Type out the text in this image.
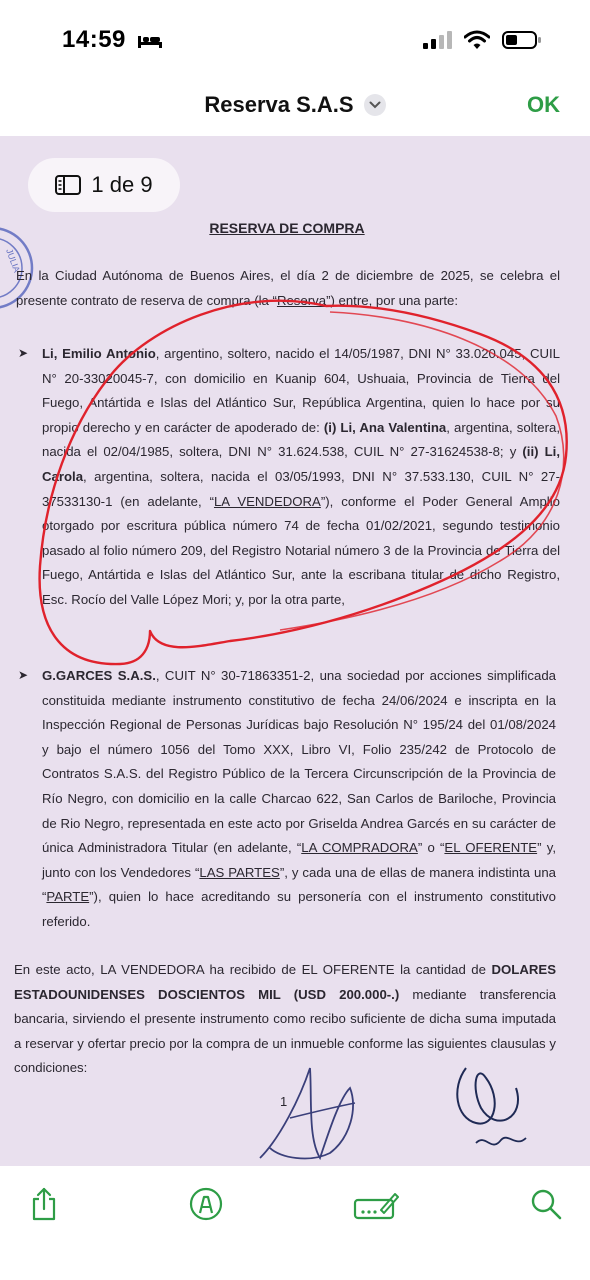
14:59
Reserva S.A.S	OK
JULIA
RESERVA DE COMPRA
En la Ciudad Autónoma de Buenos Aires, el día 2 de diciembre de 2025, se celebra el presente contrato de reserva de compra (la “Reserva”) entre, por una parte:
➤ Li, Emilio Antonio, argentino, soltero, nacido el 14/05/1987, DNI N° 33.020.045, CUIL N° 20-33020045-7, con domicilio en Kuanip 604, Ushuaia, Provincia de Tierra del Fuego, Antártida e Islas del Atlántico Sur, República Argentina, quien lo hace por su propio derecho y en carácter de apoderado de: (i) Li, Ana Valentina, argentina, soltera, nacida el 02/04/1985, soltera, DNI N° 31.624.538, CUIL N° 27-31624538-8; y (ii) Li, Carola, argentina, soltera, nacida el 03/05/1993, DNI N° 37.533.130, CUIL N° 27-37533130-1 (en adelante, “LA VENDEDORA”), conforme el Poder General Amplio otorgado por escritura pública número 74 de fecha 01/02/2021, segundo testimonio pasado al folio número 209, del Registro Notarial número 3 de la Provincia de Tierra del Fuego, Antártida e Islas del Atlántico Sur, ante la escribana titular de dicho Registro, Esc. Rocío del Valle López Mori; y, por la otra parte,
➤ G.GARCES S.A.S., CUIT N° 30-71863351-2, una sociedad por acciones simplificada constituida mediante instrumento constitutivo de fecha 24/06/2024 e inscripta en la Inspección Regional de Personas Jurídicas bajo Resolución N° 195/24 del 01/08/2024 y bajo el número 1056 del Tomo XXX, Libro VI, Folio 235/242 de Protocolo de Contratos S.A.S. del Registro Público de la Tercera Circunscripción de la Provincia de Río Negro, con domicilio en la calle Charcao 622, San Carlos de Bariloche, Provincia de Rio Negro, representada en este acto por Griselda Andrea Garcés en su carácter de única Administradora Titular (en adelante, “LA COMPRADORA” o “EL OFERENTE” y, junto con los Vendedores “LAS PARTES”, y cada una de ellas de manera indistinta una “PARTE”), quien lo hace acreditando su personería con el instrumento constitutivo referido.
En este acto, LA VENDEDORA ha recibido de EL OFERENTE la cantidad de DOLARES ESTADOUNIDENSES DOSCIENTOS MIL (USD 200.000-.) mediante transferencia bancaria, sirviendo el presente instrumento como recibo suficiente de dicha suma imputada a reservar y ofertar precio por la compra de un inmueble conforme las siguientes clausulas y condiciones:
1
1 de 9
